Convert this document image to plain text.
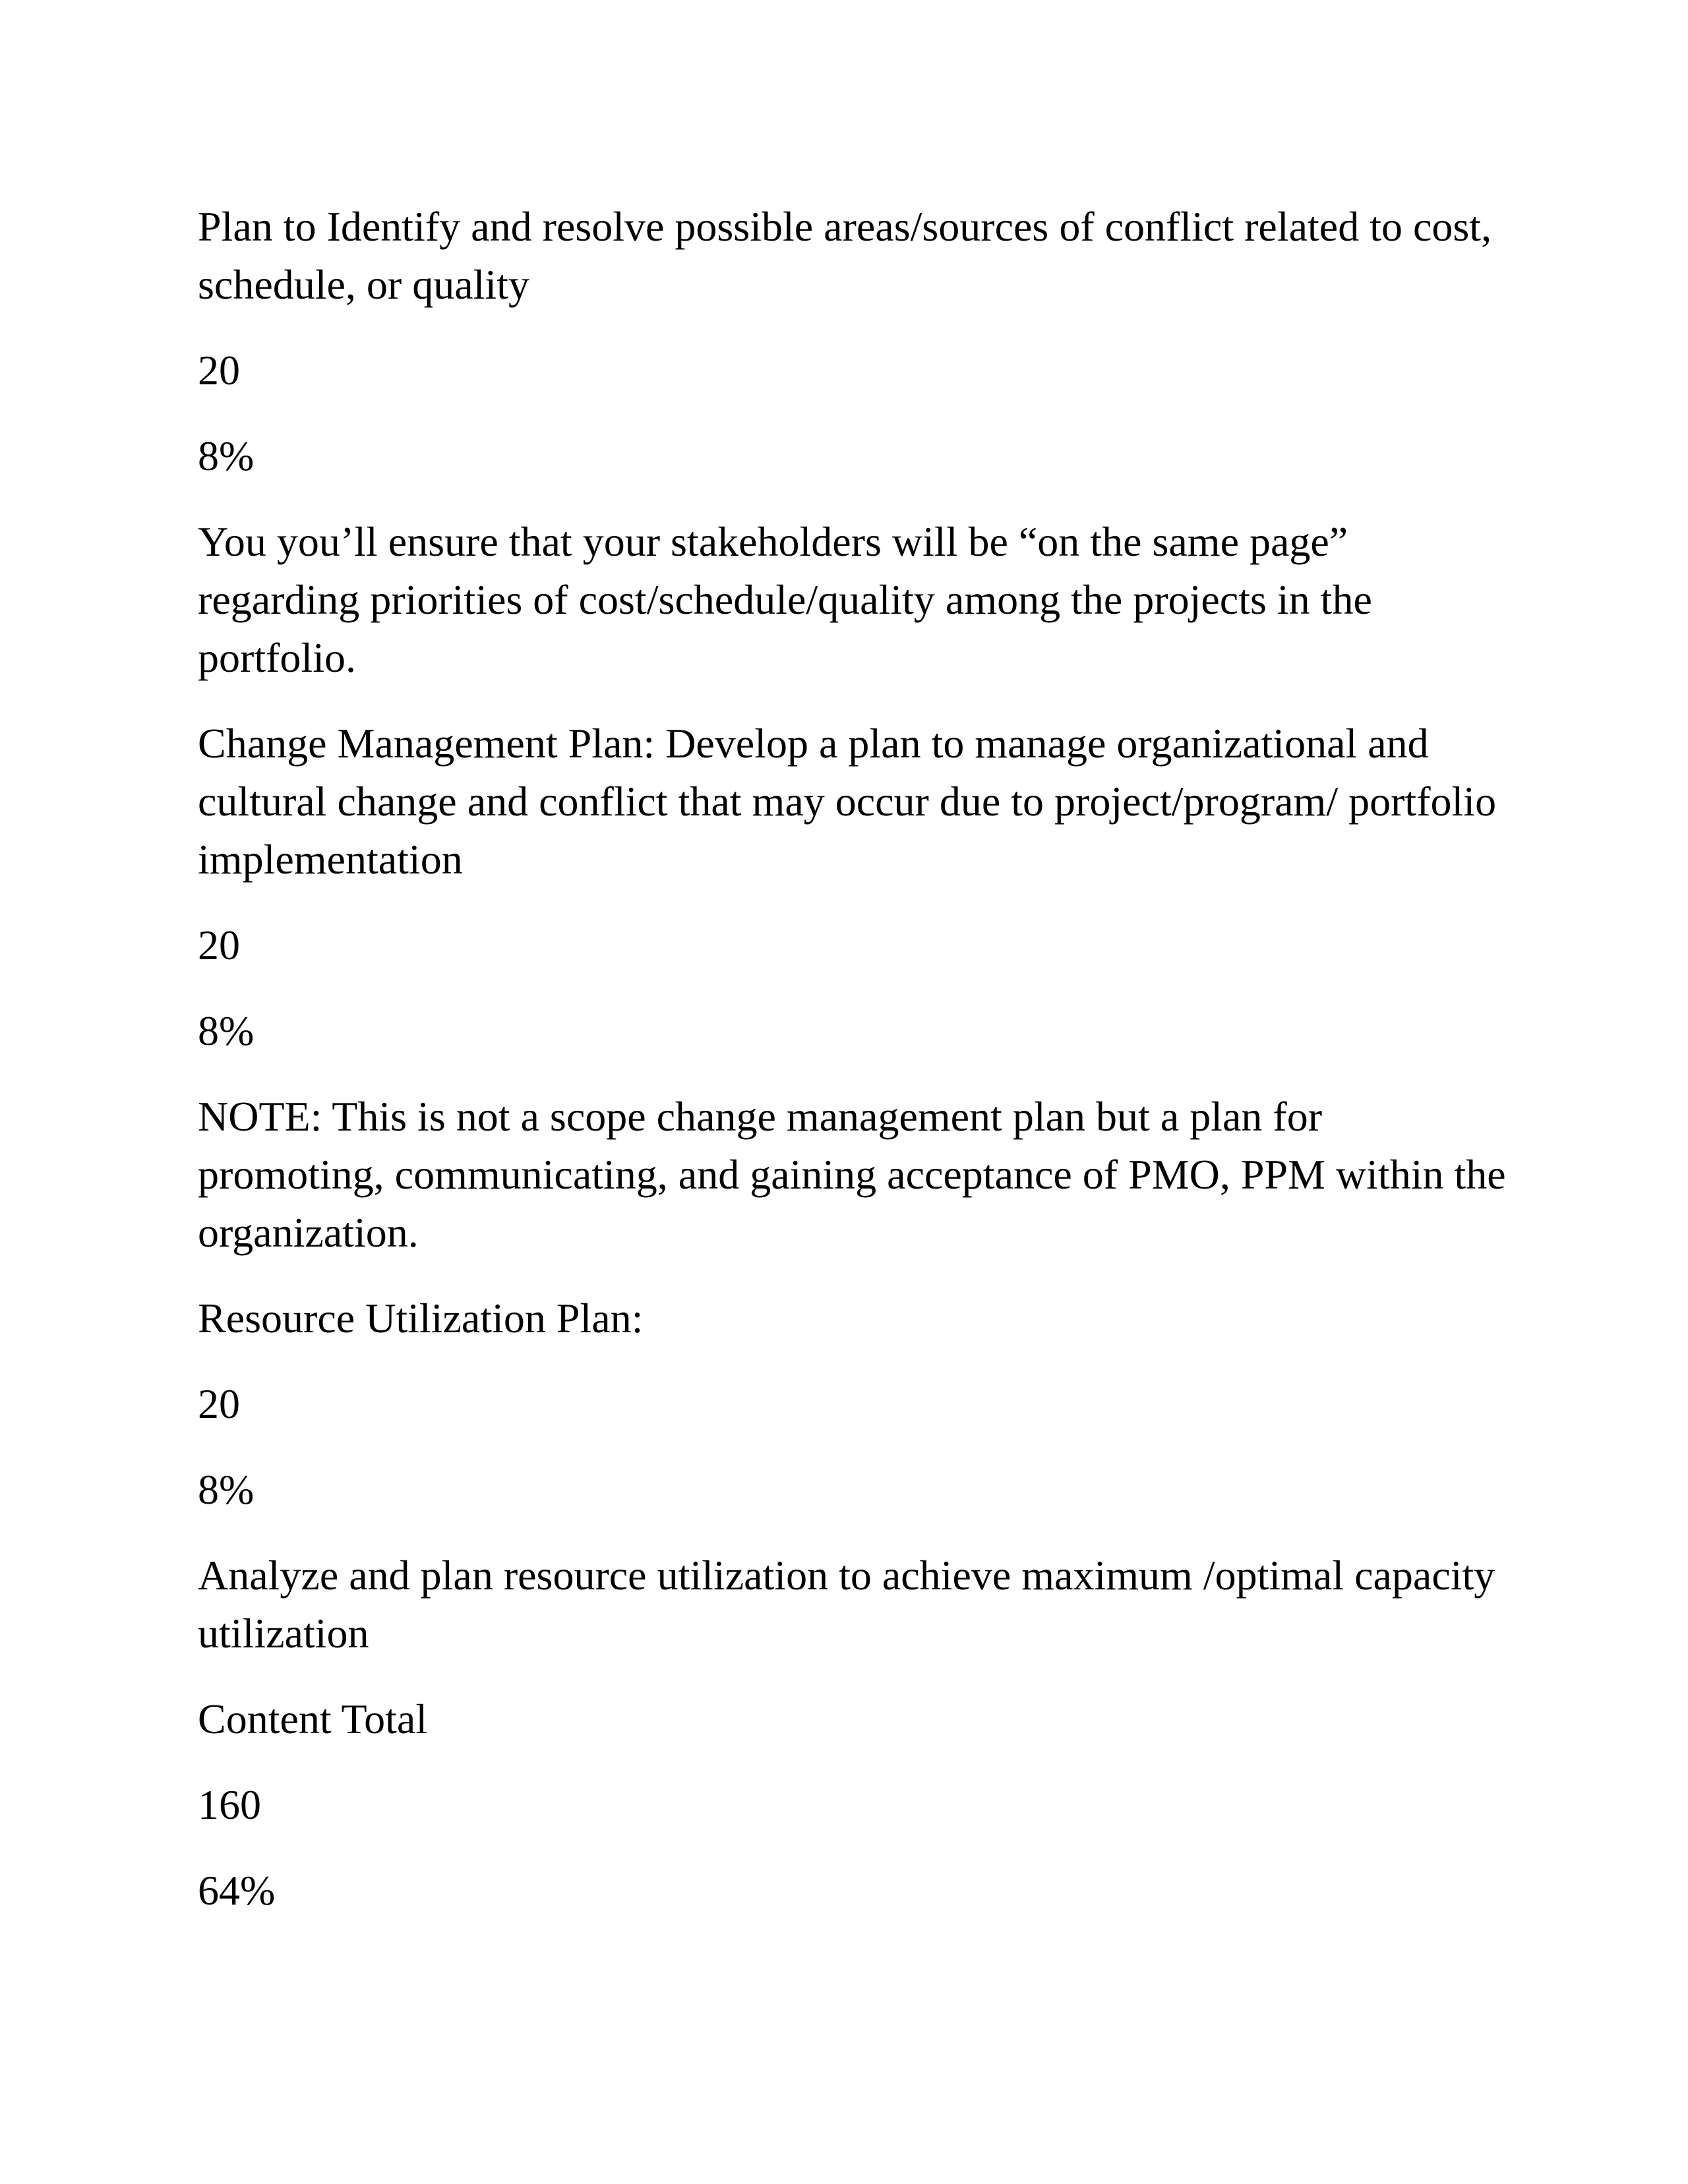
Plan to Identify and resolve possible areas/sources of conflict related to cost, schedule, or quality

20

8%

You you’ll ensure that your stakeholders will be “on the same page” regarding priorities of cost/schedule/quality among the projects in the portfolio.

Change Management Plan: Develop a plan to manage organizational and cultural change and conflict that may occur due to project/program/ portfolio implementation

20

8%

NOTE: This is not a scope change management plan but a plan for promoting, communicating, and gaining acceptance of PMO, PPM within the organization.

Resource Utilization Plan:

20

8%

Analyze and plan resource utilization to achieve maximum /optimal capacity utilization

Content Total

160

64%
